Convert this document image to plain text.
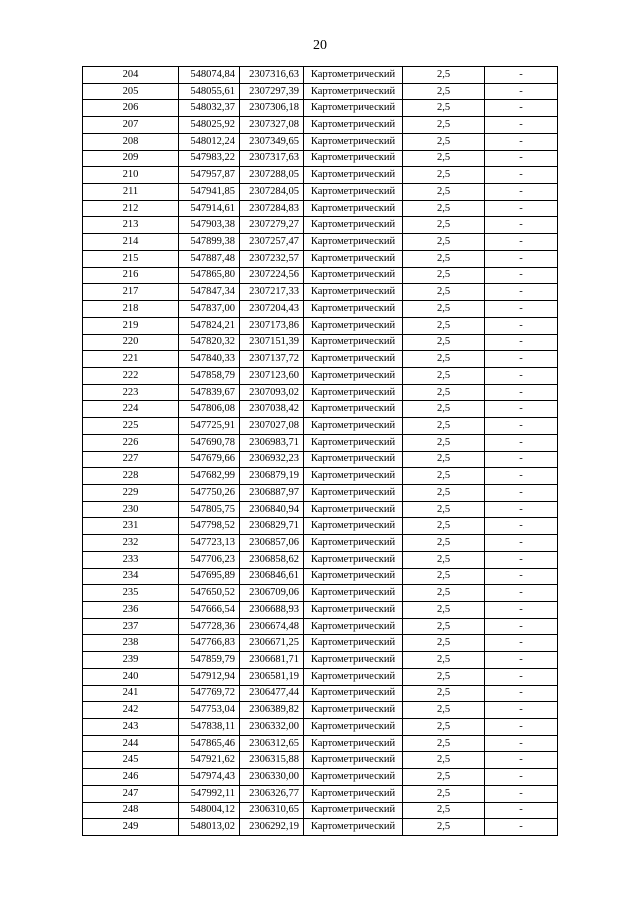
20
204	548074,84	2307316,63	Картометрический	2,5	-
205	548055,61	2307297,39	Картометрический	2,5	-
206	548032,37	2307306,18	Картометрический	2,5	-
207	548025,92	2307327,08	Картометрический	2,5	-
208	548012,24	2307349,65	Картометрический	2,5	-
209	547983,22	2307317,63	Картометрический	2,5	-
210	547957,87	2307288,05	Картометрический	2,5	-
211	547941,85	2307284,05	Картометрический	2,5	-
212	547914,61	2307284,83	Картометрический	2,5	-
213	547903,38	2307279,27	Картометрический	2,5	-
214	547899,38	2307257,47	Картометрический	2,5	-
215	547887,48	2307232,57	Картометрический	2,5	-
216	547865,80	2307224,56	Картометрический	2,5	-
217	547847,34	2307217,33	Картометрический	2,5	-
218	547837,00	2307204,43	Картометрический	2,5	-
219	547824,21	2307173,86	Картометрический	2,5	-
220	547820,32	2307151,39	Картометрический	2,5	-
221	547840,33	2307137,72	Картометрический	2,5	-
222	547858,79	2307123,60	Картометрический	2,5	-
223	547839,67	2307093,02	Картометрический	2,5	-
224	547806,08	2307038,42	Картометрический	2,5	-
225	547725,91	2307027,08	Картометрический	2,5	-
226	547690,78	2306983,71	Картометрический	2,5	-
227	547679,66	2306932,23	Картометрический	2,5	-
228	547682,99	2306879,19	Картометрический	2,5	-
229	547750,26	2306887,97	Картометрический	2,5	-
230	547805,75	2306840,94	Картометрический	2,5	-
231	547798,52	2306829,71	Картометрический	2,5	-
232	547723,13	2306857,06	Картометрический	2,5	-
233	547706,23	2306858,62	Картометрический	2,5	-
234	547695,89	2306846,61	Картометрический	2,5	-
235	547650,52	2306709,06	Картометрический	2,5	-
236	547666,54	2306688,93	Картометрический	2,5	-
237	547728,36	2306674,48	Картометрический	2,5	-
238	547766,83	2306671,25	Картометрический	2,5	-
239	547859,79	2306681,71	Картометрический	2,5	-
240	547912,94	2306581,19	Картометрический	2,5	-
241	547769,72	2306477,44	Картометрический	2,5	-
242	547753,04	2306389,82	Картометрический	2,5	-
243	547838,11	2306332,00	Картометрический	2,5	-
244	547865,46	2306312,65	Картометрический	2,5	-
245	547921,62	2306315,88	Картометрический	2,5	-
246	547974,43	2306330,00	Картометрический	2,5	-
247	547992,11	2306326,77	Картометрический	2,5	-
248	548004,12	2306310,65	Картометрический	2,5	-
249	548013,02	2306292,19	Картометрический	2,5	-
